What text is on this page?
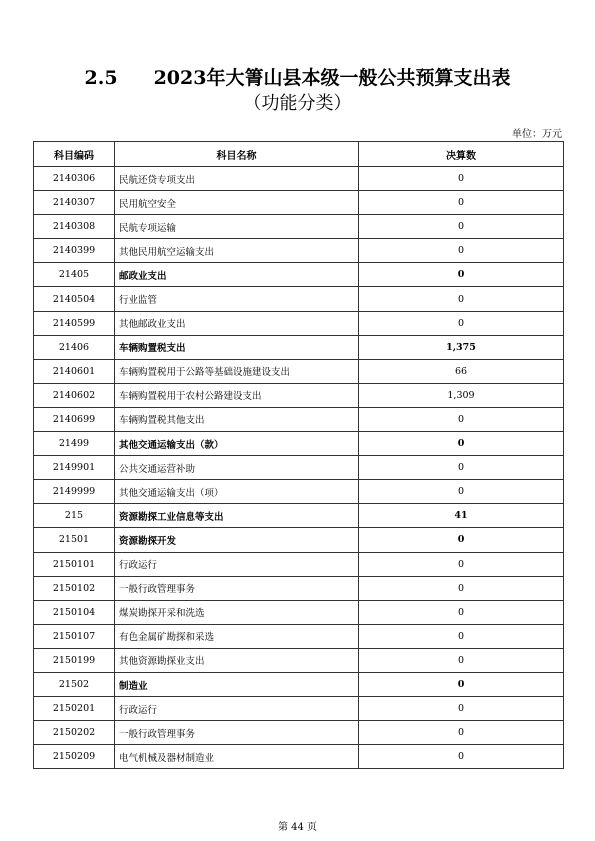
2.5 2023年大箐山县本级一般公共预算支出表
（功能分类）
单位：万元
科目编码	科目名称	决算数
2140306	民航还贷专项支出	0
2140307	民用航空安全	0
2140308	民航专项运输	0
2140399	其他民用航空运输支出	0
21405	邮政业支出	0
2140504	行业监管	0
2140599	其他邮政业支出	0
21406	车辆购置税支出	1,375
2140601	车辆购置税用于公路等基础设施建设支出	66
2140602	车辆购置税用于农村公路建设支出	1,309
2140699	车辆购置税其他支出	0
21499	其他交通运输支出（款）	0
2149901	公共交通运营补助	0
2149999	其他交通运输支出（项）	0
215	资源勘探工业信息等支出	41
21501	资源勘探开发	0
2150101	行政运行	0
2150102	一般行政管理事务	0
2150104	煤炭勘探开采和洗选	0
2150107	有色金属矿勘探和采选	0
2150199	其他资源勘探业支出	0
21502	制造业	0
2150201	行政运行	0
2150202	一般行政管理事务	0
2150209	电气机械及器材制造业	0
第 44 页
